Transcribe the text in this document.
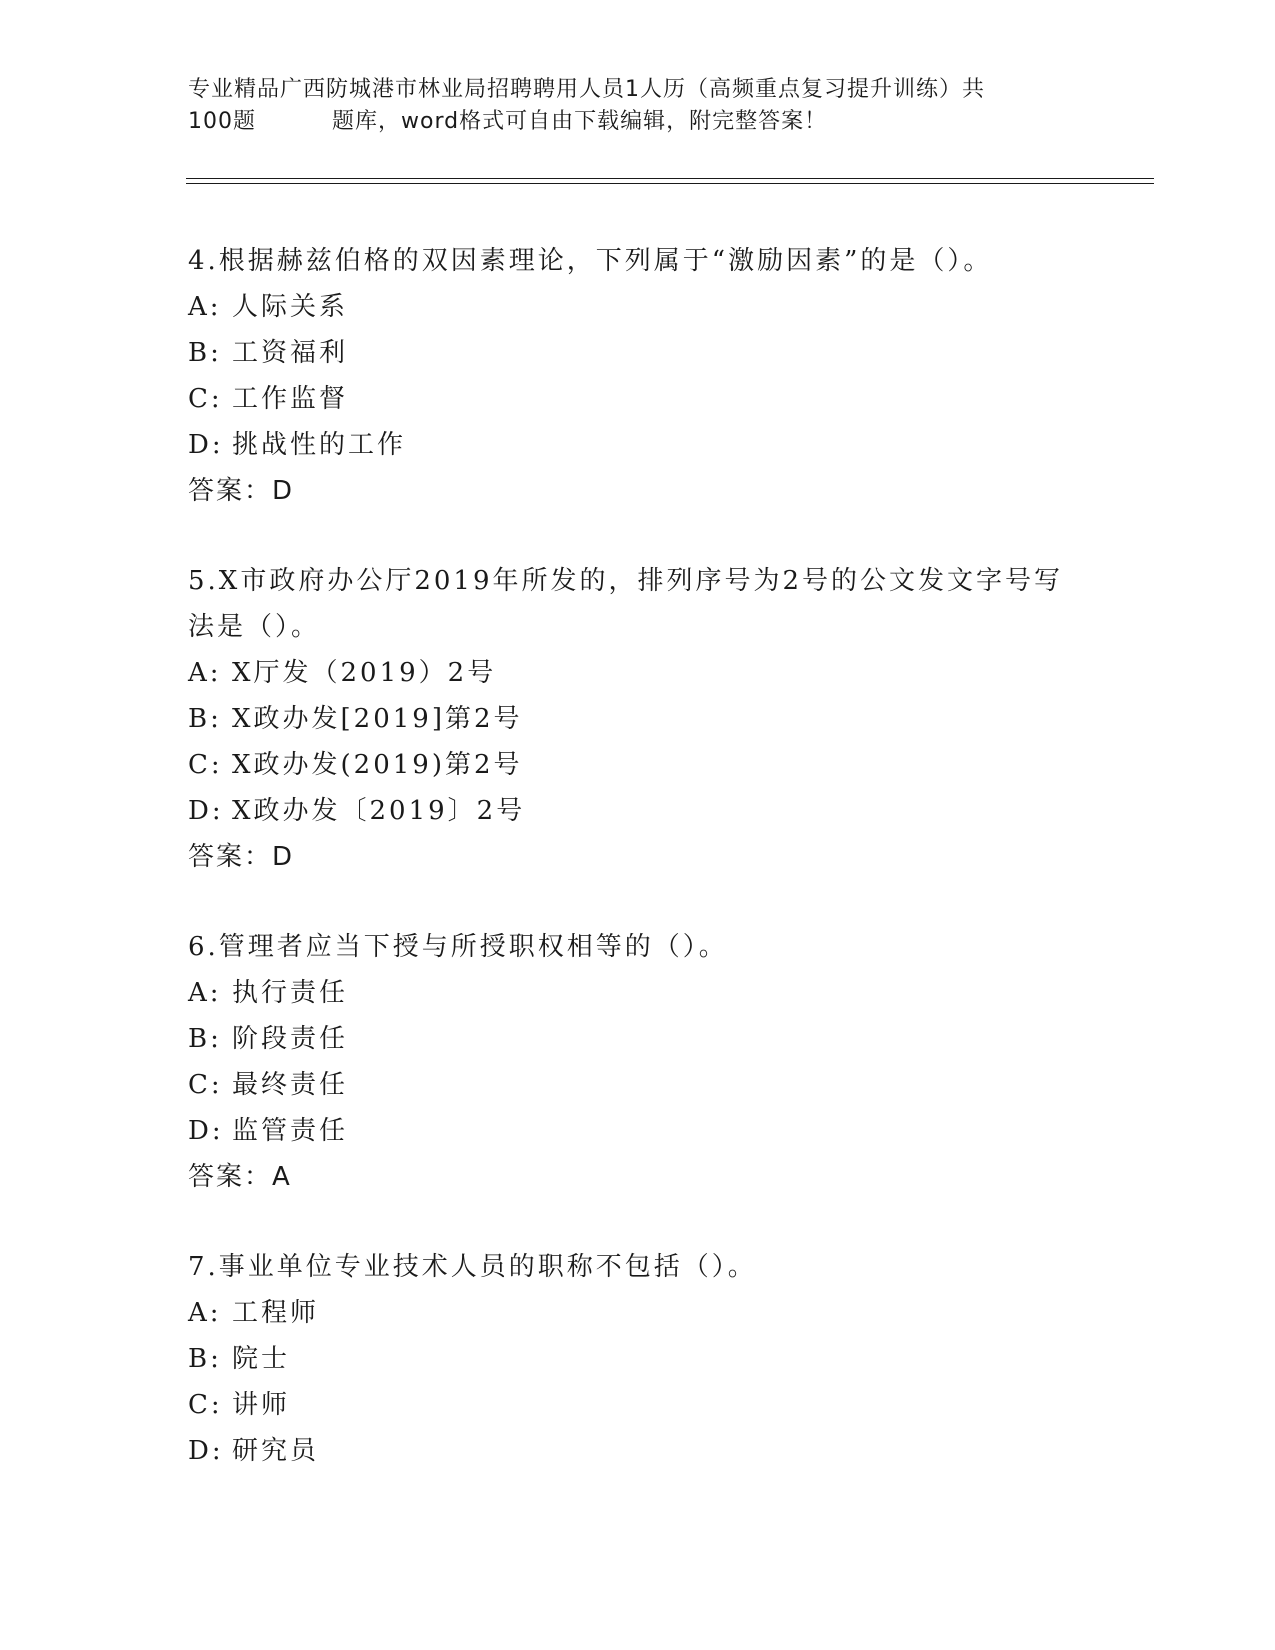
专业精品广西防城港市林业局招聘聘用人员1人历（高频重点复习提升训练）共
100题	题库，word格式可自由下载编辑，附完整答案！
4.根据赫兹伯格的双因素理论，下列属于“激励因素”的是（）。
A: 人际关系
B: 工资福利
C: 工作监督
D: 挑战性的工作
答案：D
5.X市政府办公厅2019年所发的，排列序号为2号的公文发文字号写法是（）。
A: X厅发（2019）2号
B: X政办发[2019]第2号
C: X政办发(2019)第2号
D: X政办发〔2019〕2号
答案：D
6.管理者应当下授与所授职权相等的（）。
A: 执行责任
B: 阶段责任
C: 最终责任
D: 监管责任
答案：A
7.事业单位专业技术人员的职称不包括（）。
A: 工程师
B: 院士
C: 讲师
D: 研究员
